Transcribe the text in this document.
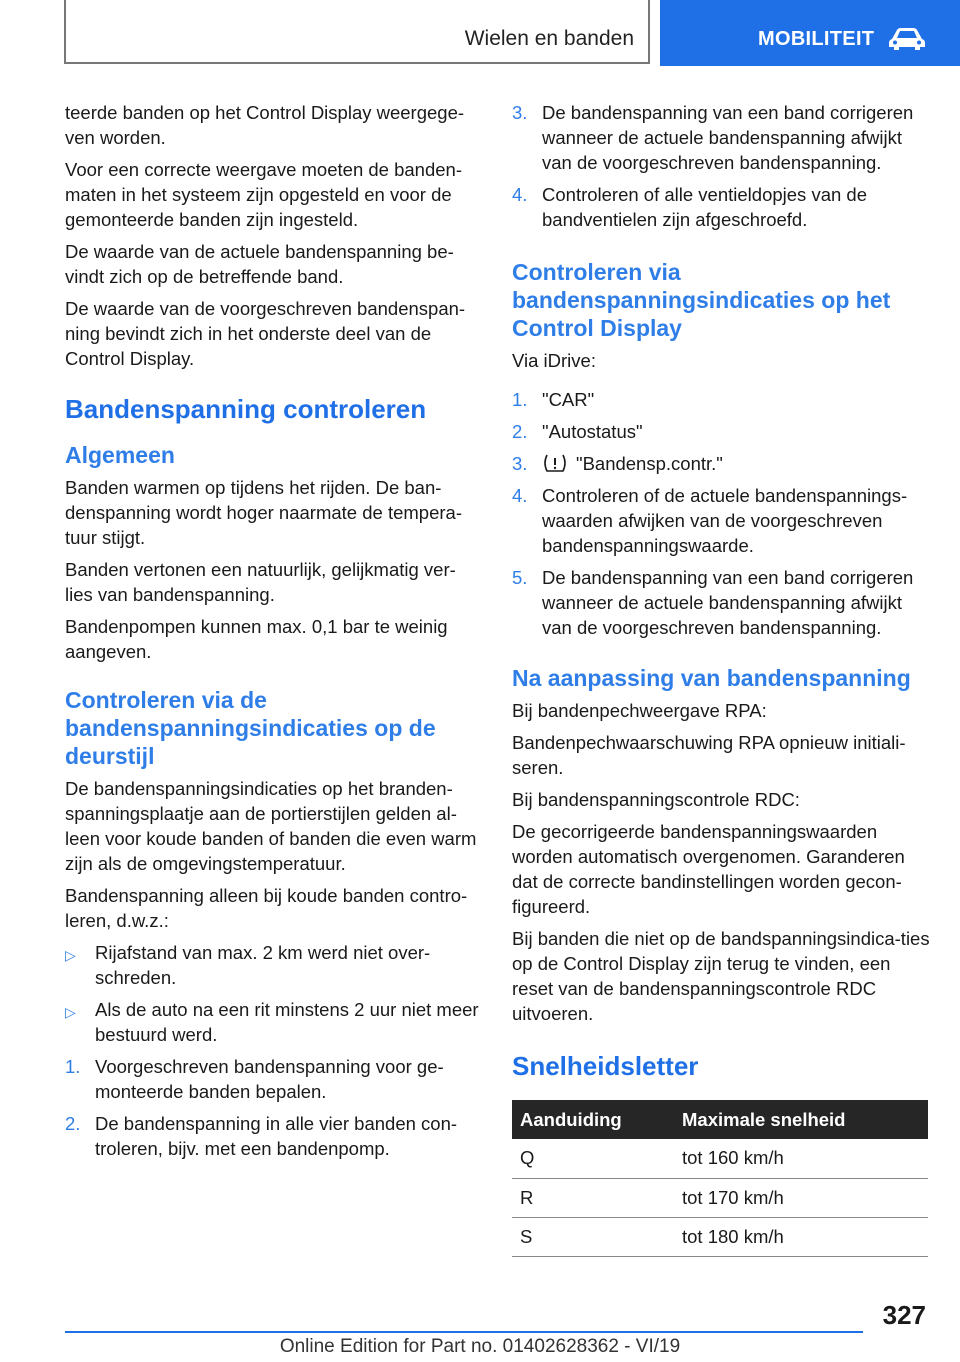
Wielen en banden	MOBILITEIT

teerde banden op het Control Display weergege-ven worden.

Voor een correcte weergave moeten de banden-maten in het systeem zijn opgesteld en voor de gemonteerde banden zijn ingesteld.

De waarde van de actuele bandenspanning be-vindt zich op de betreffende band.

De waarde van de voorgeschreven bandenspan-ning bevindt zich in het onderste deel van de Control Display.

Bandenspanning controleren
Algemeen

Banden warmen op tijdens het rijden. De ban-denspanning wordt hoger naarmate de tempera-tuur stijgt.

Banden vertonen een natuurlijk, gelijkmatig ver-lies van bandenspanning.

Bandenpompen kunnen max. 0,1 bar te weinig aangeven.

Controleren via de
bandenspanningsindicaties op de
deurstijl

De bandenspanningsindicaties op het branden-spanningsplaatje aan de portierstijlen gelden al-leen voor koude banden of banden die even warm zijn als de omgevingstemperatuur.

Bandenspanning alleen bij koude banden contro-leren, d.w.z.:

▷ Rijafstand van max. 2 km werd niet over-schreden.
▷ Als de auto na een rit minstens 2 uur niet meer bestuurd werd.
1. Voorgeschreven bandenspanning voor ge-monteerde banden bepalen.
2. De bandenspanning in alle vier banden con-troleren, bijv. met een bandenpomp.
3. De bandenspanning van een band corrigeren wanneer de actuele bandenspanning afwijkt van de voorgeschreven bandenspanning.
4. Controleren of alle ventieldopjes van de bandventielen zijn afgeschroefd.
Controleren via
bandenspanningsindicaties op het
Control Display

Via iDrive:

1. "CAR"
2. "Autostatus"
3.	"Bandensp.contr."
4. Controleren of de actuele bandenspannings-waarden afwijken van de voorgeschreven bandenspanningswaarde.
5. De bandenspanning van een band corrigeren wanneer de actuele bandenspanning afwijkt van de voorgeschreven bandenspanning.
Na aanpassing van bandenspanning

Bij bandenpechweergave RPA:

Bandenpechwaarschuwing RPA opnieuw initiali-seren.

Bij bandenspanningscontrole RDC:

De gecorrigeerde bandenspanningswaarden worden automatisch overgenomen. Garanderen dat de correcte bandinstellingen worden gecon-figureerd.

Bij banden die niet op de bandspanningsindica-ties op de Control Display zijn terug te vinden, een reset van de bandenspanningscontrole RDC uitvoeren.

Snelheidsletter
Aanduiding	Maximale snelheid
Q	tot 160 km/h
R	tot 170 km/h
S	tot 180 km/h
327
Online Edition for Part no. 01402628362 - VI/19
